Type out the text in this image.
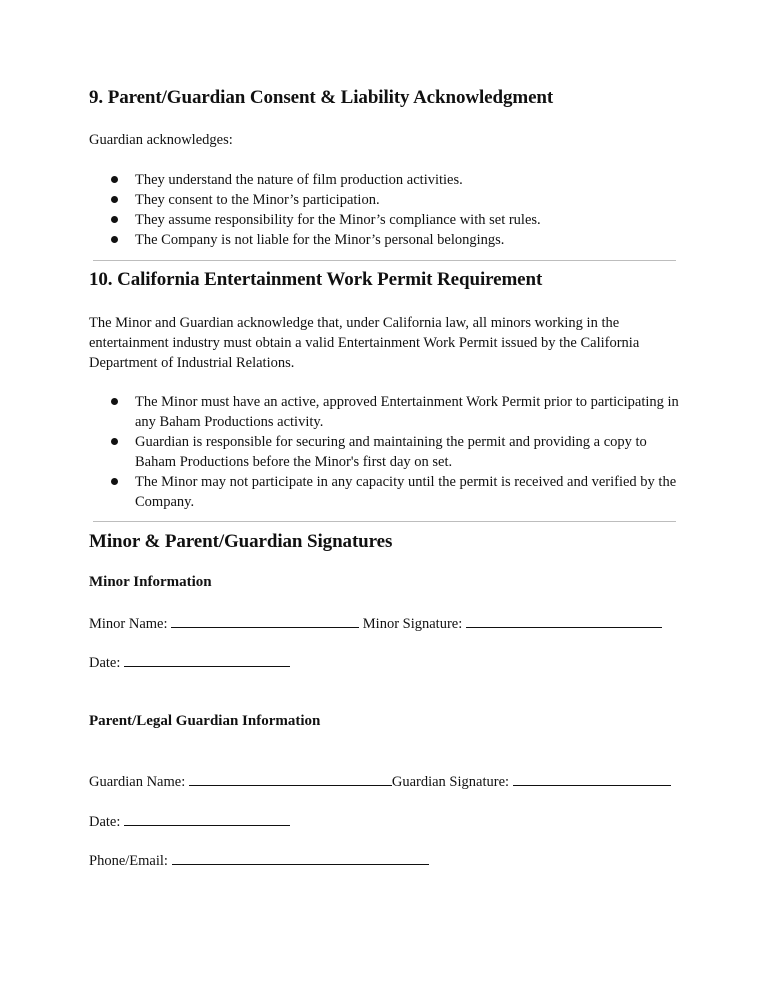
9. Parent/Guardian Consent & Liability Acknowledgment
Guardian acknowledges:
They understand the nature of film production activities.
They consent to the Minor’s participation.
They assume responsibility for the Minor’s compliance with set rules.
The Company is not liable for the Minor’s personal belongings.
10. California Entertainment Work Permit Requirement
The Minor and Guardian acknowledge that, under California law, all minors working in the entertainment industry must obtain a valid Entertainment Work Permit issued by the California Department of Industrial Relations.
The Minor must have an active, approved Entertainment Work Permit prior to participating in any Baham Productions activity.
Guardian is responsible for securing and maintaining the permit and providing a copy to Baham Productions before the Minor's first day on set.
The Minor may not participate in any capacity until the permit is received and verified by the Company.
Minor & Parent/Guardian Signatures
Minor Information
Minor Name:	Minor Signature:
Date:
Parent/Legal Guardian Information
Guardian Name:	Guardian Signature:
Date:
Phone/Email:
